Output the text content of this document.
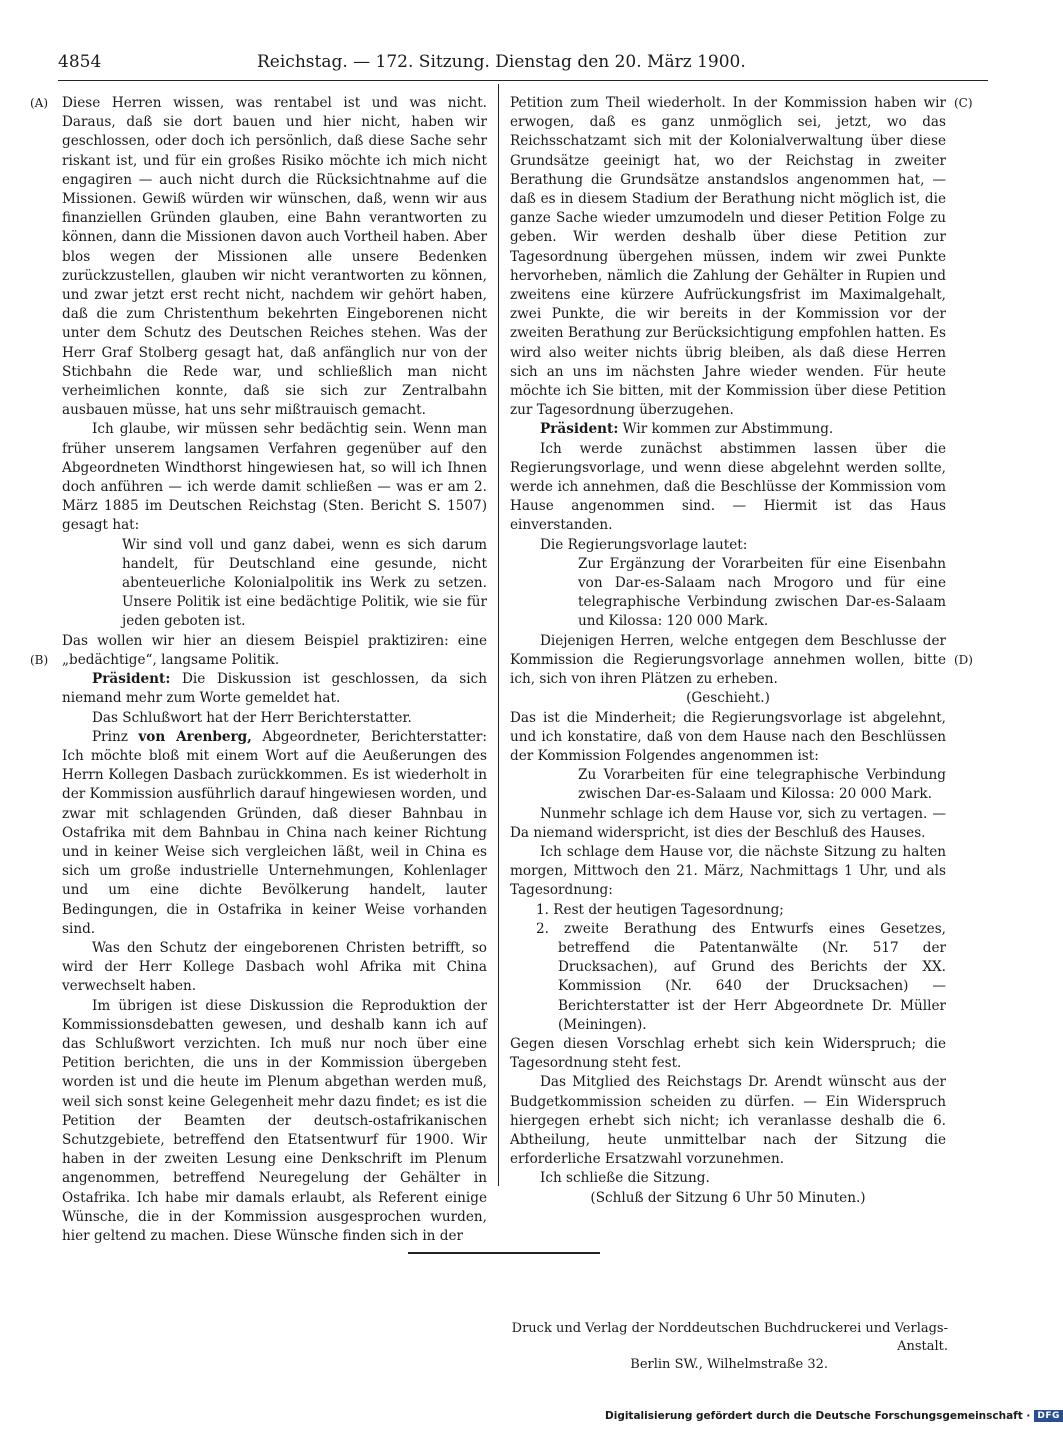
4854	Reichstag. — 172. Sitzung. Dienstag den 20. März 1900.
(A)
(B)
(C)
(D)

Diese Herren wissen, was rentabel ist und was nicht. Daraus, daß sie dort bauen und hier nicht, haben wir geschlossen, oder doch ich persönlich, daß diese Sache sehr riskant ist, und für ein großes Risiko möchte ich mich nicht engagiren — auch nicht durch die Rücksichtnahme auf die Missionen. Gewiß würden wir wünschen, daß, wenn wir aus finanziellen Gründen glauben, eine Bahn verantworten zu können, dann die Missionen davon auch Vortheil haben. Aber blos wegen der Missionen alle unsere Bedenken zurückzustellen, glauben wir nicht verantworten zu können, und zwar jetzt erst recht nicht, nachdem wir gehört haben, daß die zum Christenthum bekehrten Eingeborenen nicht unter dem Schutz des Deutschen Reiches stehen. Was der Herr Graf Stolberg gesagt hat, daß anfänglich nur von der Stichbahn die Rede war, und schließlich man nicht verheimlichen konnte, daß sie sich zur Zentralbahn ausbauen müsse, hat uns sehr mißtrauisch gemacht.

Ich glaube, wir müssen sehr bedächtig sein. Wenn man früher unserem langsamen Verfahren gegenüber auf den Abgeordneten Windthorst hingewiesen hat, so will ich Ihnen doch anführen — ich werde damit schließen — was er am 2. März 1885 im Deutschen Reichstag (Sten. Bericht S. 1507) gesagt hat:

Wir sind voll und ganz dabei, wenn es sich darum handelt, für Deutschland eine gesunde, nicht abenteuerliche Kolonialpolitik ins Werk zu setzen. Unsere Politik ist eine bedächtige Politik, wie sie für jeden geboten ist.

Das wollen wir hier an diesem Beispiel praktiziren: eine „bedächtige“, langsame Politik.

Präsident: Die Diskussion ist geschlossen, da sich niemand mehr zum Worte gemeldet hat.

Das Schlußwort hat der Herr Berichterstatter.

Prinz von Arenberg, Abgeordneter, Berichterstatter: Ich möchte bloß mit einem Wort auf die Aeußerungen des Herrn Kollegen Dasbach zurückkommen. Es ist wiederholt in der Kommission ausführlich darauf hingewiesen worden, und zwar mit schlagenden Gründen, daß dieser Bahnbau in Ostafrika mit dem Bahnbau in China nach keiner Richtung und in keiner Weise sich vergleichen läßt, weil in China es sich um große industrielle Unternehmungen, Kohlenlager und um eine dichte Bevölkerung handelt, lauter Bedingungen, die in Ostafrika in keiner Weise vorhanden sind.

Was den Schutz der eingeborenen Christen betrifft, so wird der Herr Kollege Dasbach wohl Afrika mit China verwechselt haben.

Im übrigen ist diese Diskussion die Reproduktion der Kommissionsdebatten gewesen, und deshalb kann ich auf das Schlußwort verzichten. Ich muß nur noch über eine Petition berichten, die uns in der Kommission übergeben worden ist und die heute im Plenum abgethan werden muß, weil sich sonst keine Gelegenheit mehr dazu findet; es ist die Petition der Beamten der deutsch-ostafrikanischen Schutzgebiete, betreffend den Etatsentwurf für 1900. Wir haben in der zweiten Lesung eine Denkschrift im Plenum angenommen, betreffend Neuregelung der Gehälter in Ostafrika. Ich habe mir damals erlaubt, als Referent einige Wünsche, die in der Kommission ausgesprochen wurden, hier geltend zu machen. Diese Wünsche finden sich in der

Petition zum Theil wiederholt. In der Kommission haben wir erwogen, daß es ganz unmöglich sei, jetzt, wo das Reichsschatzamt sich mit der Kolonialverwaltung über diese Grundsätze geeinigt hat, wo der Reichstag in zweiter Berathung die Grundsätze anstandslos angenommen hat, — daß es in diesem Stadium der Berathung nicht möglich ist, die ganze Sache wieder umzumodeln und dieser Petition Folge zu geben. Wir werden deshalb über diese Petition zur Tagesordnung übergehen müssen, indem wir zwei Punkte hervorheben, nämlich die Zahlung der Gehälter in Rupien und zweitens eine kürzere Aufrückungsfrist im Maximalgehalt, zwei Punkte, die wir bereits in der Kommission vor der zweiten Berathung zur Berücksichtigung empfohlen hatten. Es wird also weiter nichts übrig bleiben, als daß diese Herren sich an uns im nächsten Jahre wieder wenden. Für heute möchte ich Sie bitten, mit der Kommission über diese Petition zur Tagesordnung überzugehen.

Präsident: Wir kommen zur Abstimmung.

Ich werde zunächst abstimmen lassen über die Regierungsvorlage, und wenn diese abgelehnt werden sollte, werde ich annehmen, daß die Beschlüsse der Kommission vom Hause angenommen sind. — Hiermit ist das Haus einverstanden.

Die Regierungsvorlage lautet:

Zur Ergänzung der Vorarbeiten für eine Eisenbahn von Dar-es-Salaam nach Mrogoro und für eine telegraphische Verbindung zwischen Dar-es-Salaam und Kilossa: 120 000 Mark.

Diejenigen Herren, welche entgegen dem Beschlusse der Kommission die Regierungsvorlage annehmen wollen, bitte ich, sich von ihren Plätzen zu erheben.

(Geschieht.)

Das ist die Minderheit; die Regierungsvorlage ist abgelehnt, und ich konstatire, daß von dem Hause nach den Beschlüssen der Kommission Folgendes angenommen ist:

Zu Vorarbeiten für eine telegraphische Verbindung zwischen Dar-es-Salaam und Kilossa: 20 000 Mark.

Nunmehr schlage ich dem Hause vor, sich zu vertagen. — Da niemand widerspricht, ist dies der Beschluß des Hauses.

Ich schlage dem Hause vor, die nächste Sitzung zu halten morgen, Mittwoch den 21. März, Nachmittags 1 Uhr, und als Tagesordnung:

1. Rest der heutigen Tagesordnung;

2. zweite Berathung des Entwurfs eines Gesetzes, betreffend die Patentanwälte (Nr. 517 der Drucksachen), auf Grund des Berichts der XX. Kommission (Nr. 640 der Drucksachen) — Berichterstatter ist der Herr Abgeordnete Dr. Müller (Meiningen).

Gegen diesen Vorschlag erhebt sich kein Widerspruch; die Tagesordnung steht fest.

Das Mitglied des Reichstags Dr. Arendt wünscht aus der Budgetkommission scheiden zu dürfen. — Ein Widerspruch hiergegen erhebt sich nicht; ich veranlasse deshalb die 6. Abtheilung, heute unmittelbar nach der Sitzung die erforderliche Ersatzwahl vorzunehmen.

Ich schließe die Sitzung.

(Schluß der Sitzung 6 Uhr 50 Minuten.)

Druck und Verlag der Norddeutschen Buchdruckerei und Verlags-Anstalt.

Berlin SW., Wilhelmstraße 32.

Digitalisierung gefördert durch die Deutsche Forschungsgemeinschaft · DFG
